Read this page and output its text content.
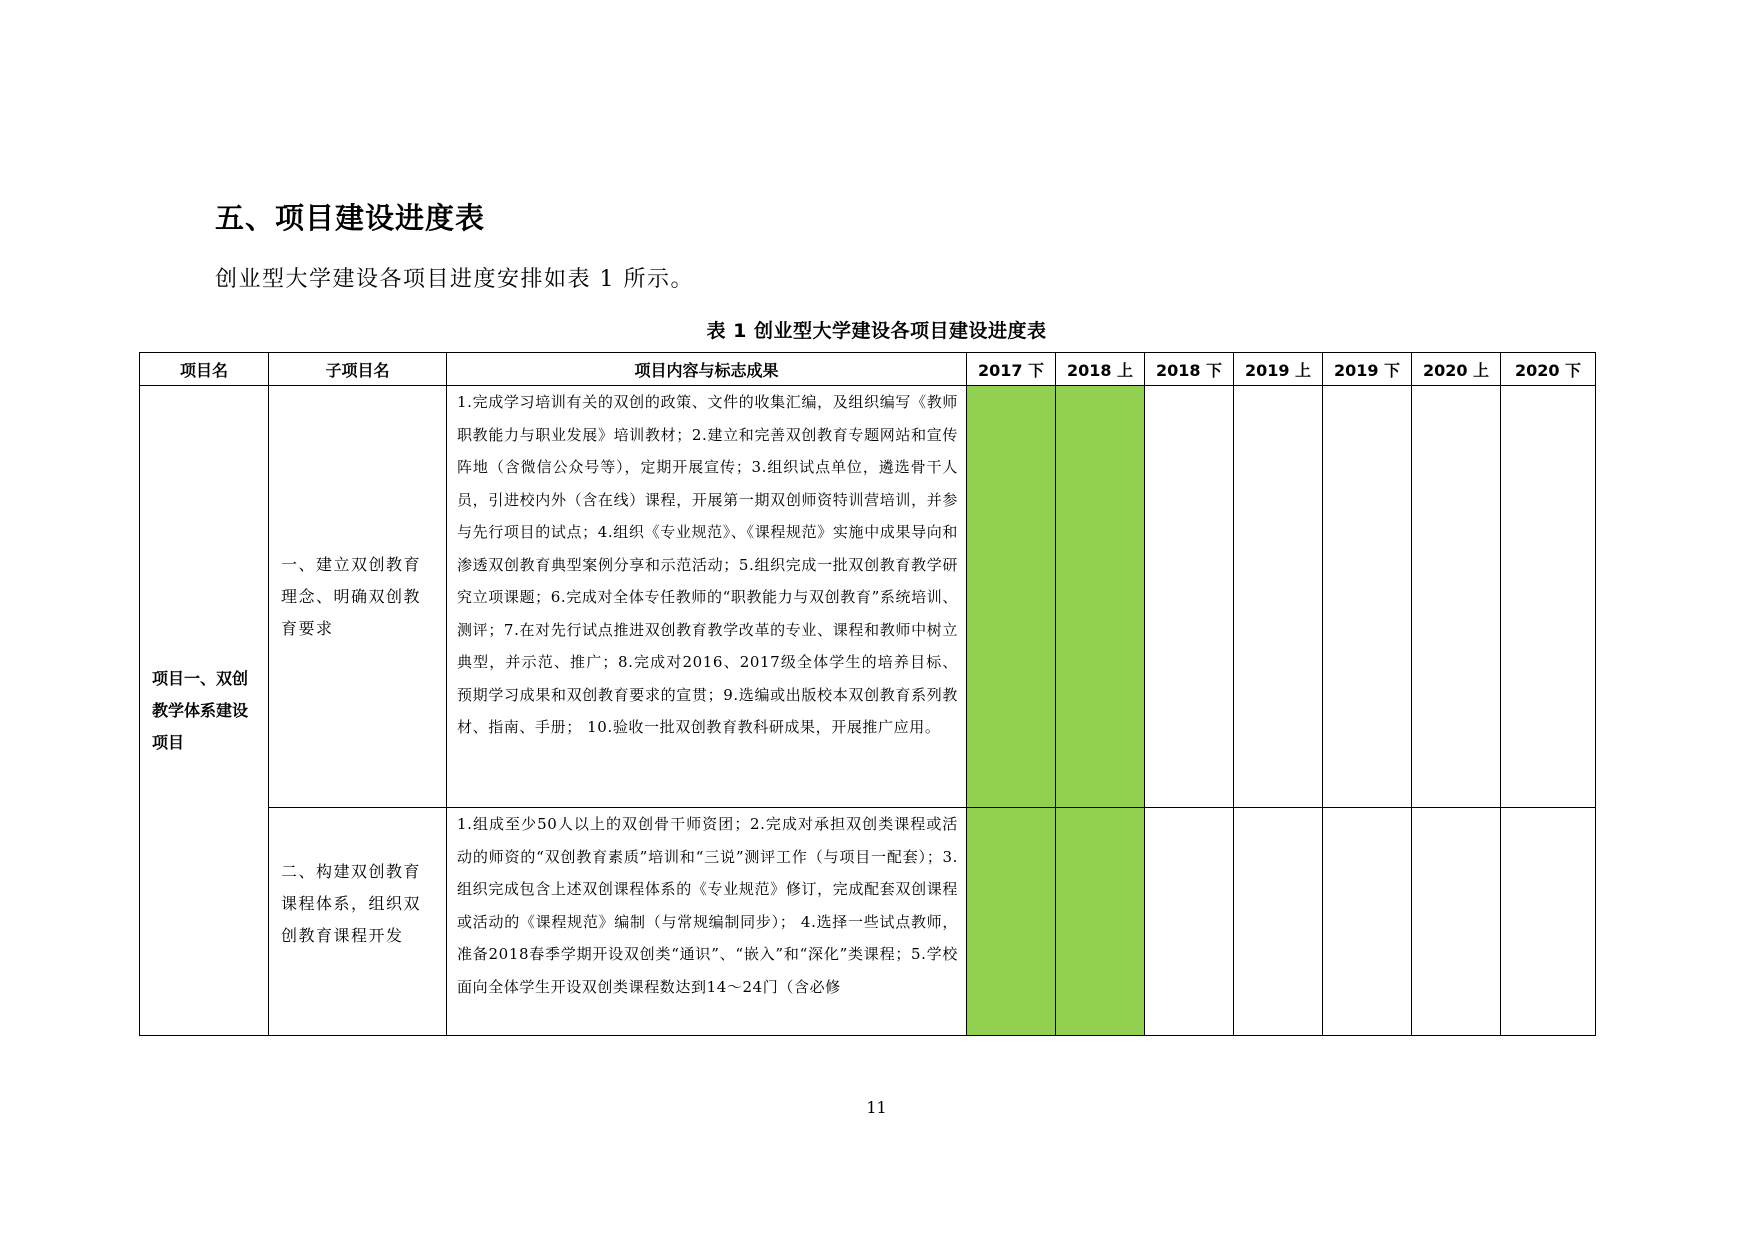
五、项目建设进度表

创业型大学建设各项目进度安排如表 1 所示。

表 1 创业型大学建设各项目建设进度表

项目名	子项目名	项目内容与标志成果	2017 下	2018 上	2018 下	2019 上	2019 下	2020 上	2020 下
项目一、双创教学体系建设项目	一、建立双创教育理念、明确双创教育要求	1.完成学习培训有关的双创的政策、文件的收集汇编，及组织编写《教师职教能力与职业发展》培训教材；2.建立和完善双创教育专题网站和宣传阵地（含微信公众号等），定期开展宣传；3.组织试点单位，遴选骨干人员，引进校内外（含在线）课程，开展第一期双创师资特训营培训，并参与先行项目的试点；4.组织《专业规范》、《课程规范》实施中成果导向和渗透双创教育典型案例分享和示范活动；5.组织完成一批双创教育教学研究立项课题；6.完成对全体专任教师的“职教能力与双创教育”系统培训、测评；7.在对先行试点推进双创教育教学改革的专业、课程和教师中树立典型，并示范、推广；8.完成对2016、2017级全体学生的培养目标、预期学习成果和双创教育要求的宣贯；9.选编或出版校本双创教育系列教材、指南、手册； 10.验收一批双创教育教科研成果，开展推广应用。							
	二、构建双创教育课程体系，组织双创教育课程开发	1.组成至少50人以上的双创骨干师资团；2.完成对承担双创类课程或活动的师资的“双创教育素质”培训和“三说”测评工作（与项目一配套）；3.组织完成包含上述双创课程体系的《专业规范》修订，完成配套双创课程或活动的《课程规范》编制（与常规编制同步）； 4.选择一些试点教师，准备2018春季学期开设双创类“通识”、“嵌入”和“深化”类课程；5.学校面向全体学生开设双创类课程数达到14～24门（含必修							

11
